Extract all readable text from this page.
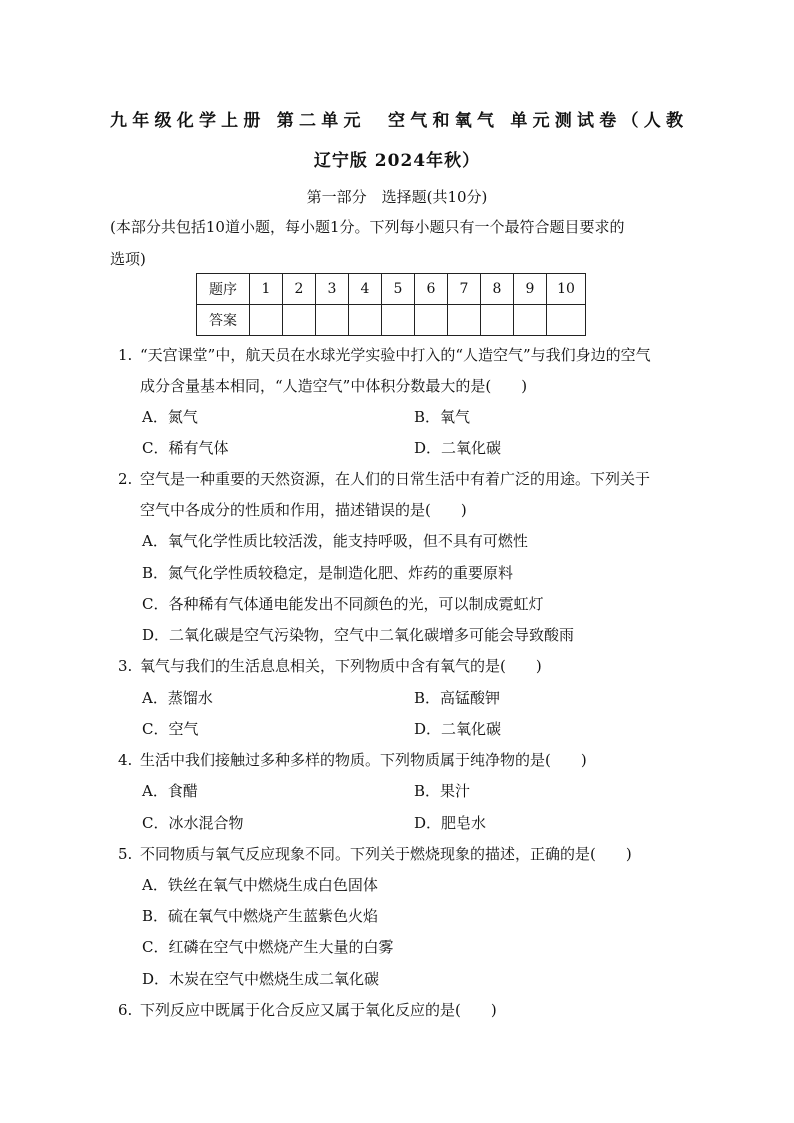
九年级化学上册 第二单元　空气和氧气 单元测试卷（人教
辽宁版 2024年秋）
第一部分　选择题(共10分)
(本部分共包括10道小题，每小题1分。下列每小题只有一个最符合题目要求的
选项)
题序	1	2	3	4	5	6	7	8	9	10
答案										
1. “天宫课堂”中，航天员在水球光学实验中打入的“人造空气”与我们身边的空气
成分含量基本相同，“人造空气”中体积分数最大的是(　　)
A．氮气	B．氧气
C．稀有气体	D．二氧化碳
2. 空气是一种重要的天然资源，在人们的日常生活中有着广泛的用途。下列关于
空气中各成分的性质和作用，描述错误的是(　　)
A．氧气化学性质比较活泼，能支持呼吸，但不具有可燃性
B．氮气化学性质较稳定，是制造化肥、炸药的重要原料
C．各种稀有气体通电能发出不同颜色的光，可以制成霓虹灯
D．二氧化碳是空气污染物，空气中二氧化碳增多可能会导致酸雨
3. 氧气与我们的生活息息相关，下列物质中含有氧气的是(　　)
A．蒸馏水	B．高锰酸钾
C．空气	D．二氧化碳
4. 生活中我们接触过多种多样的物质。下列物质属于纯净物的是(　　)
A．食醋	B．果汁
C．冰水混合物	D．肥皂水
5. 不同物质与氧气反应现象不同。下列关于燃烧现象的描述，正确的是(　　)
A．铁丝在氧气中燃烧生成白色固体
B．硫在氧气中燃烧产生蓝紫色火焰
C．红磷在空气中燃烧产生大量的白雾
D．木炭在空气中燃烧生成二氧化碳
6. 下列反应中既属于化合反应又属于氧化反应的是(　　)
